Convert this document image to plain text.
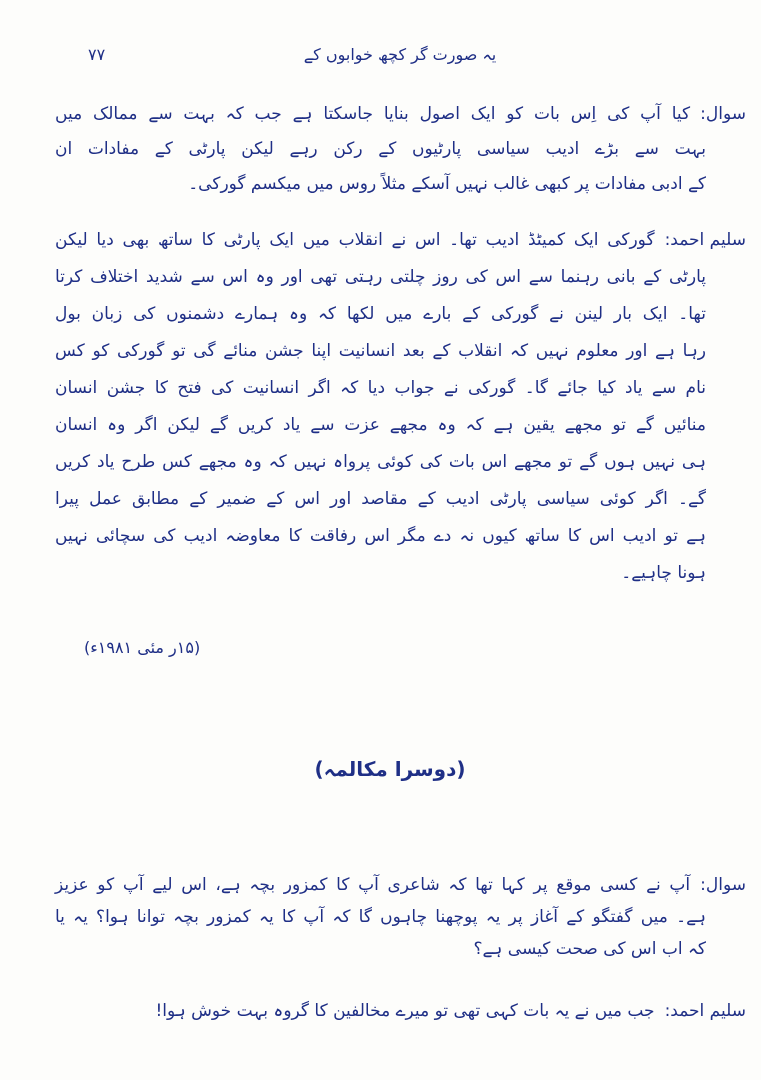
یہ صورت گر کچھ خوابوں کے
۷۷
سوال:
کیا آپ کی اِس بات کو ایک اصول بنایا جاسکتا ہے جب کہ بہت سے ممالک میں
بہت سے بڑے ادیب سیاسی پارٹیوں کے رکن رہے لیکن پارٹی کے مفادات ان
کے ادبی مفادات پر کبھی غالب نہیں آسکے مثلاً روس میں میکسم گورکی۔
سلیم احمد:
گورکی ایک کمیٹڈ ادیب تھا۔ اس نے انقلاب میں ایک پارٹی کا ساتھ بھی دیا لیکن
پارٹی کے بانی رہنما سے اس کی روز چلتی رہتی تھی اور وہ اس سے شدید اختلاف کرتا
تھا۔ ایک بار لینن نے گورکی کے بارے میں لکھا کہ وہ ہمارے دشمنوں کی زبان بول
رہا ہے اور معلوم نہیں کہ انقلاب کے بعد انسانیت اپنا جشن منائے گی تو گورکی کو کس
نام سے یاد کیا جائے گا۔ گورکی نے جواب دیا کہ اگر انسانیت کی فتح کا جشن انسان
منائیں گے تو مجھے یقین ہے کہ وہ مجھے عزت سے یاد کریں گے لیکن اگر وہ انسان
ہی نہیں ہوں گے تو مجھے اس بات کی کوئی پرواہ نہیں کہ وہ مجھے کس طرح یاد کریں
گے۔ اگر کوئی سیاسی پارٹی ادیب کے مقاصد اور اس کے ضمیر کے مطابق عمل پیرا
ہے تو ادیب اس کا ساتھ کیوں نہ دے مگر اس رفاقت کا معاوضہ ادیب کی سچائی نہیں
ہونا چاہیے۔
(۱۵ر مئی ۱۹۸۱ء)
(دوسرا مکالمہ)
سوال:
آپ نے کسی موقع پر کہا تھا کہ شاعری آپ کا کمزور بچہ ہے، اس لیے آپ کو عزیز
ہے۔ میں گفتگو کے آغاز پر یہ پوچھنا چاہوں گا کہ آپ کا یہ کمزور بچہ توانا ہوا؟ یہ یا
کہ اب اس کی صحت کیسی ہے؟
سلیم احمد:
جب میں نے یہ بات کہی تھی تو میرے مخالفین کا گروہ بہت خوش ہوا!
